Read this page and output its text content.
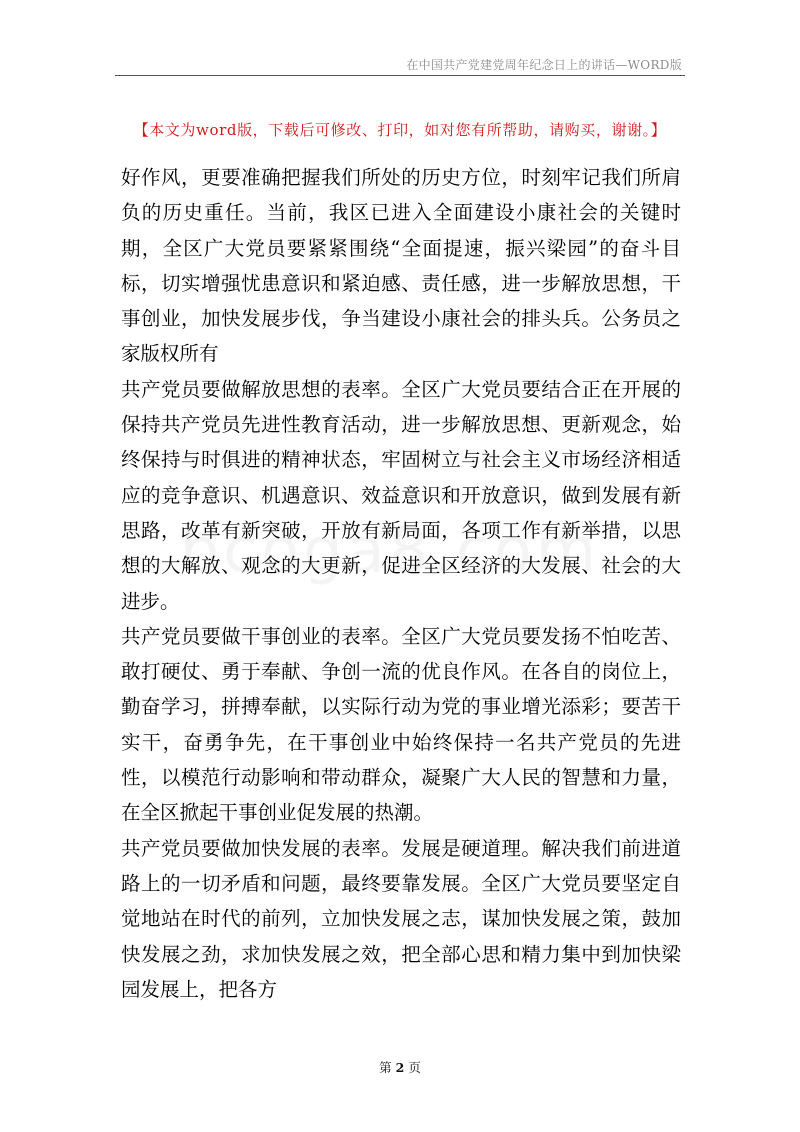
在中国共产党建党周年纪念日上的讲话—WORD版
【本文为word版，下载后可修改、打印，如对您有所帮助，请购买，谢谢。】

好作风，更要准确把握我们所处的历史方位，时刻牢记我们所肩负的历史重任。当前，我区已进入全面建设小康社会的关键时期，全区广大党员要紧紧围绕“全面提速，振兴梁园”的奋斗目标，切实增强忧患意识和紧迫感、责任感，进一步解放思想，干事创业，加快发展步伐，争当建设小康社会的排头兵。公务员之家版权所有

共产党员要做解放思想的表率。全区广大党员要结合正在开展的保持共产党员先进性教育活动，进一步解放思想、更新观念，始终保持与时俱进的精神状态，牢固树立与社会主义市场经济相适应的竞争意识、机遇意识、效益意识和开放意识，做到发展有新思路，改革有新突破，开放有新局面，各项工作有新举措，以思想的大解放、观念的大更新，促进全区经济的大发展、社会的大进步。

共产党员要做干事创业的表率。全区广大党员要发扬不怕吃苦、敢打硬仗、勇于奉献、争创一流的优良作风。在各自的岗位上，勤奋学习，拼搏奉献，以实际行动为党的事业增光添彩；要苦干实干，奋勇争先，在干事创业中始终保持一名共产党员的先进性，以模范行动影响和带动群众，凝聚广大人民的智慧和力量，在全区掀起干事创业促发展的热潮。

共产党员要做加快发展的表率。发展是硬道理。解决我们前进道路上的一切矛盾和问题，最终要靠发展。全区广大党员要坚定自觉地站在时代的前列，立加快发展之志，谋加快发展之策，鼓加快发展之劲，求加快发展之效，把全部心思和精力集中到加快梁园发展上，把各方

第 2 页
